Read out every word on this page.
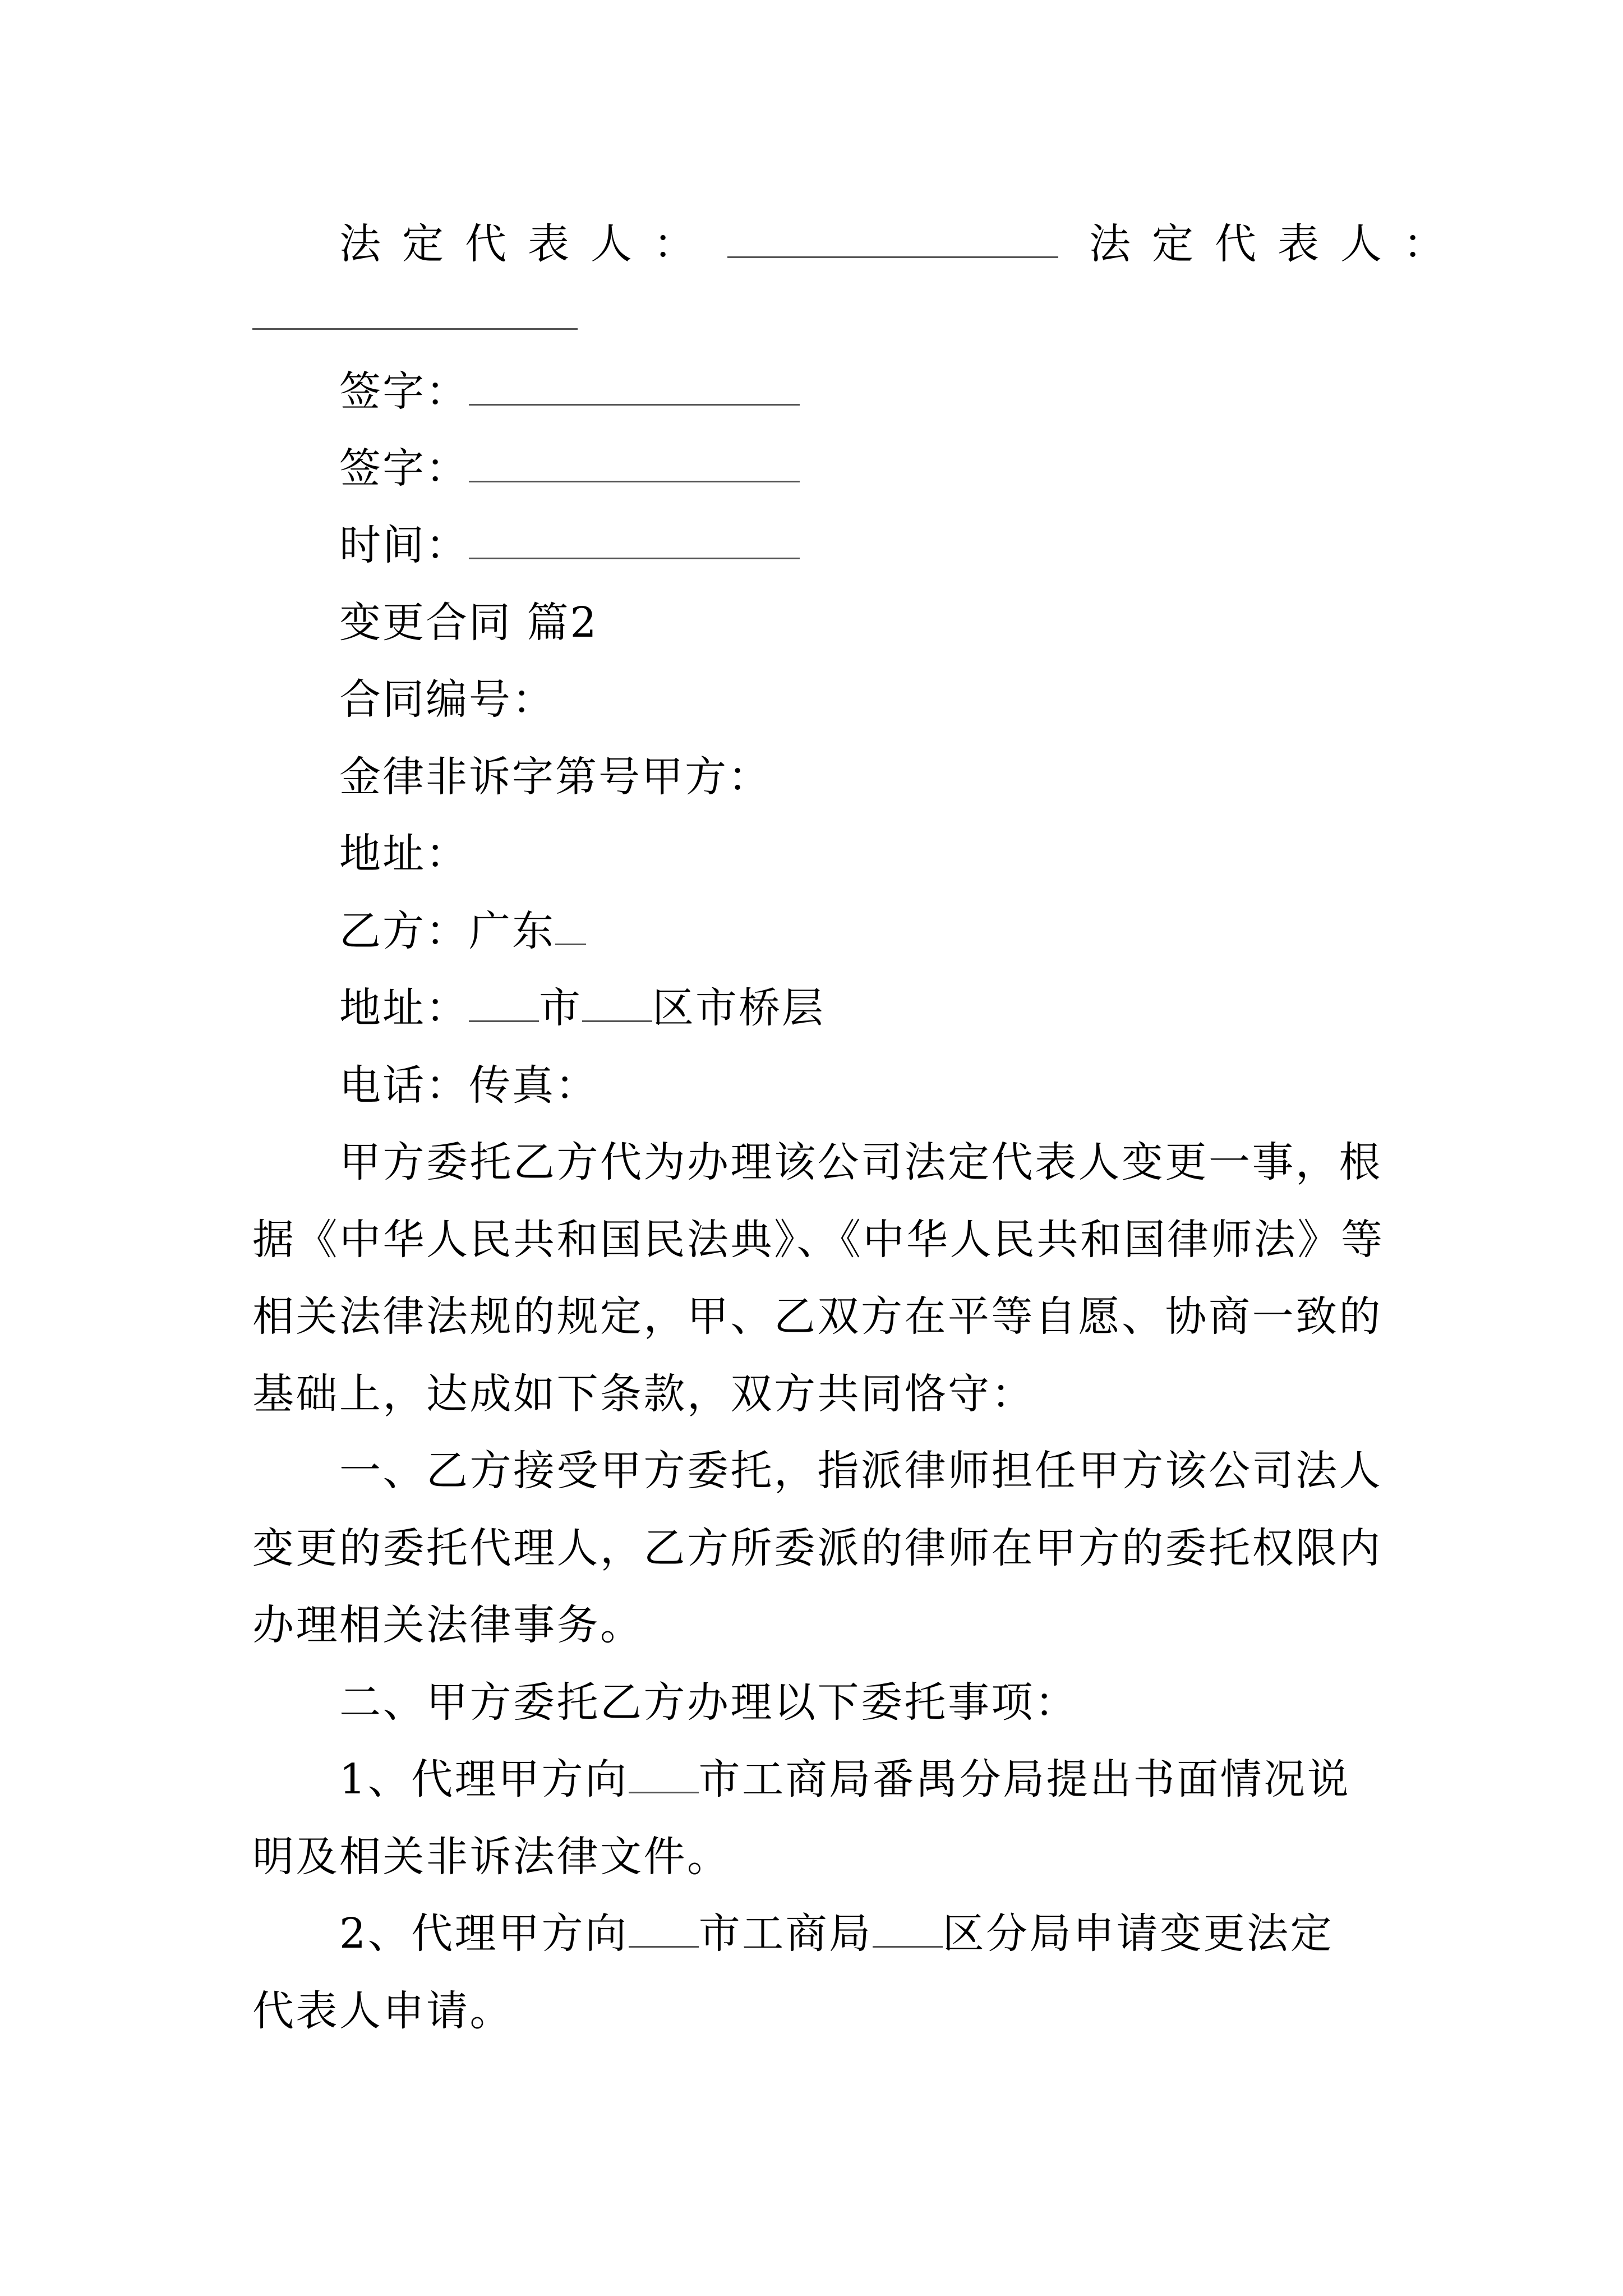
法定代表人：	法定代表人：
签字：
签字：
时间：
变更合同 篇2
合同编号：
金律非诉字第号甲方：
地址：
乙方：广东
地址： 市 区市桥层
电话：传真：
甲方委托乙方代为办理该公司法定代表人变更一事，根
据《中华人民共和国民法典》、《中华人民共和国律师法》等
相关法律法规的规定，甲、乙双方在平等自愿、协商一致的
基础上，达成如下条款，双方共同恪守：
一、乙方接受甲方委托，指派律师担任甲方该公司法人
变更的委托代理人，乙方所委派的律师在甲方的委托权限内
办理相关法律事务。
二、甲方委托乙方办理以下委托事项：
1、代理甲方向 市工商局番禺分局提出书面情况说
明及相关非诉法律文件。
2、代理甲方向 市工商局 区分局申请变更法定
代表人申请。
